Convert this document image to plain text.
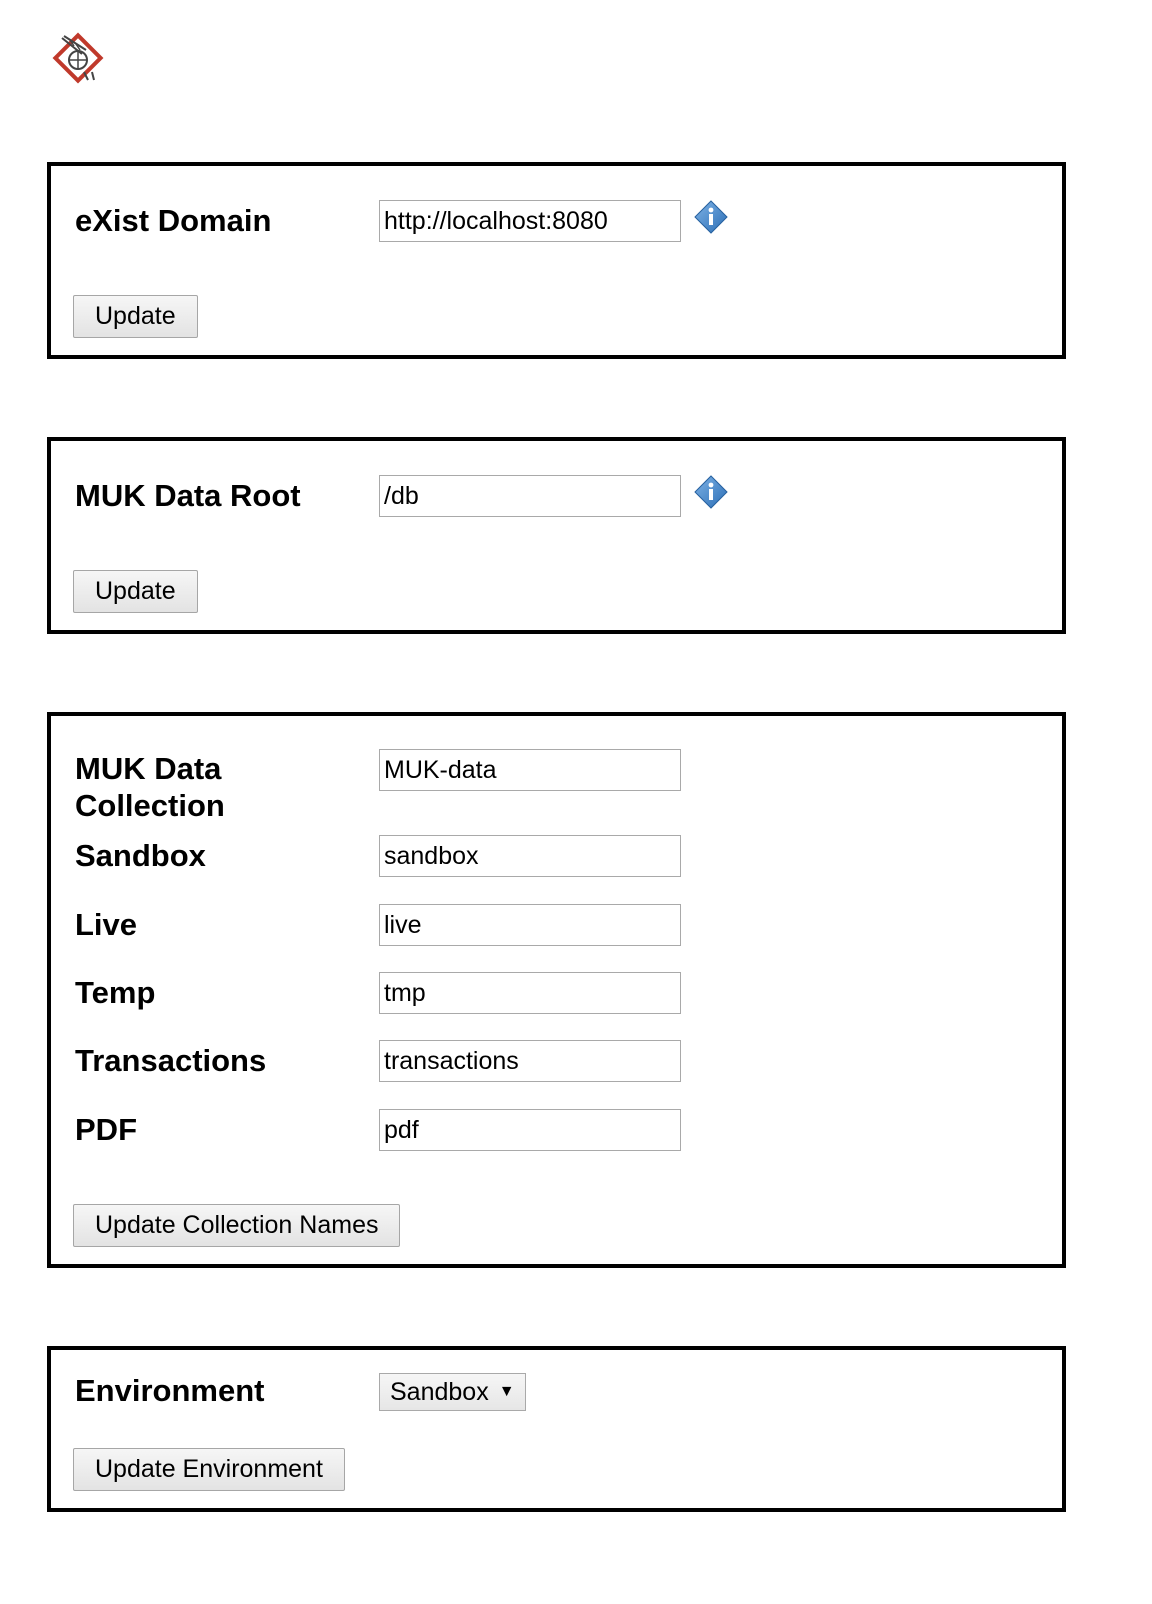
eXist Domain
http://localhost:8080
Update
MUK Data Root
/db
Update
MUK Data
Collection
MUK-data
Sandbox
sandbox
Live
live
Temp
tmp
Transactions
transactions
PDF
pdf
Update Collection Names
Environment	Sandbox ▼
Update Environment
